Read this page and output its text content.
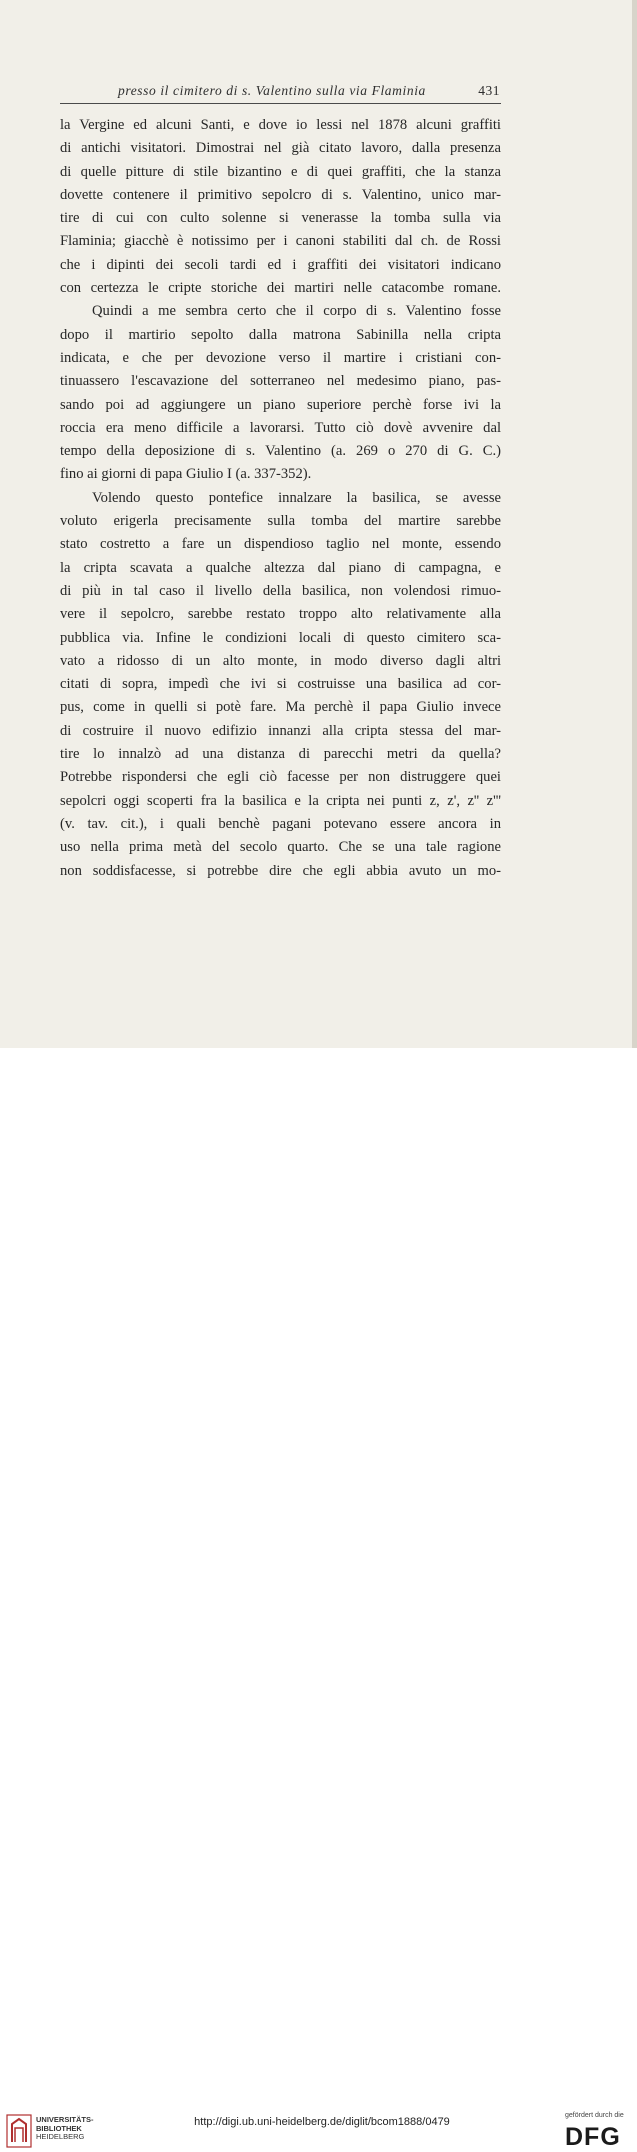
presso il cimitero di s. Valentino sulla via Flaminia	431
la Vergine ed alcuni Santi, e dove io lessi nel 1878 alcuni graffiti
di antichi visitatori. Dimostrai nel già citato lavoro, dalla presenza
di quelle pitture di stile bizantino e di quei graffiti, che la stanza
dovette contenere il primitivo sepolcro di s. Valentino, unico mar-
tire di cui con culto solenne si venerasse la tomba sulla via
Flaminia; giacchè è notissimo per i canoni stabiliti dal ch. de Rossi
che i dipinti dei secoli tardi ed i graffiti dei visitatori indicano
con certezza le cripte storiche dei martiri nelle catacombe romane.
Quindi a me sembra certo che il corpo di s. Valentino fosse
dopo il martirio sepolto dalla matrona Sabinilla nella cripta
indicata, e che per devozione verso il martire i cristiani con-
tinuassero l'escavazione del sotterraneo nel medesimo piano, pas-
sando poi ad aggiungere un piano superiore perchè forse ivi la
roccia era meno difficile a lavorarsi. Tutto ciò dovè avvenire dal
tempo della deposizione di s. Valentino (a. 269 o 270 di G. C.)
fino ai giorni di papa Giulio I (a. 337-352).
Volendo questo pontefice innalzare la basilica, se avesse
voluto erigerla precisamente sulla tomba del martire sarebbe
stato costretto a fare un dispendioso taglio nel monte, essendo
la cripta scavata a qualche altezza dal piano di campagna, e
di più in tal caso il livello della basilica, non volendosi rimuo-
vere il sepolcro, sarebbe restato troppo alto relativamente alla
pubblica via. Infine le condizioni locali di questo cimitero sca-
vato a ridosso di un alto monte, in modo diverso dagli altri
citati di sopra, impedì che ivi si costruisse una basilica ad cor-
pus, come in quelli si potè fare. Ma perchè il papa Giulio invece
di costruire il nuovo edifizio innanzi alla cripta stessa del mar-
tire lo innalzò ad una distanza di parecchi metri da quella?
Potrebbe rispondersi che egli ciò facesse per non distruggere quei
sepolcri oggi scoperti fra la basilica e la cripta nei punti z, z', z'' z'''
(v. tav. cit.), i quali benchè pagani potevano essere ancora in
uso nella prima metà del secolo quarto. Che se una tale ragione
non soddisfacesse, si potrebbe dire che egli abbia avuto un mo-
UNIVERSITÄTS-
BIBLIOTHEK
HEIDELBERG
http://digi.ub.uni-heidelberg.de/diglit/bcom1888/0479
gefördert durch die
DFG
